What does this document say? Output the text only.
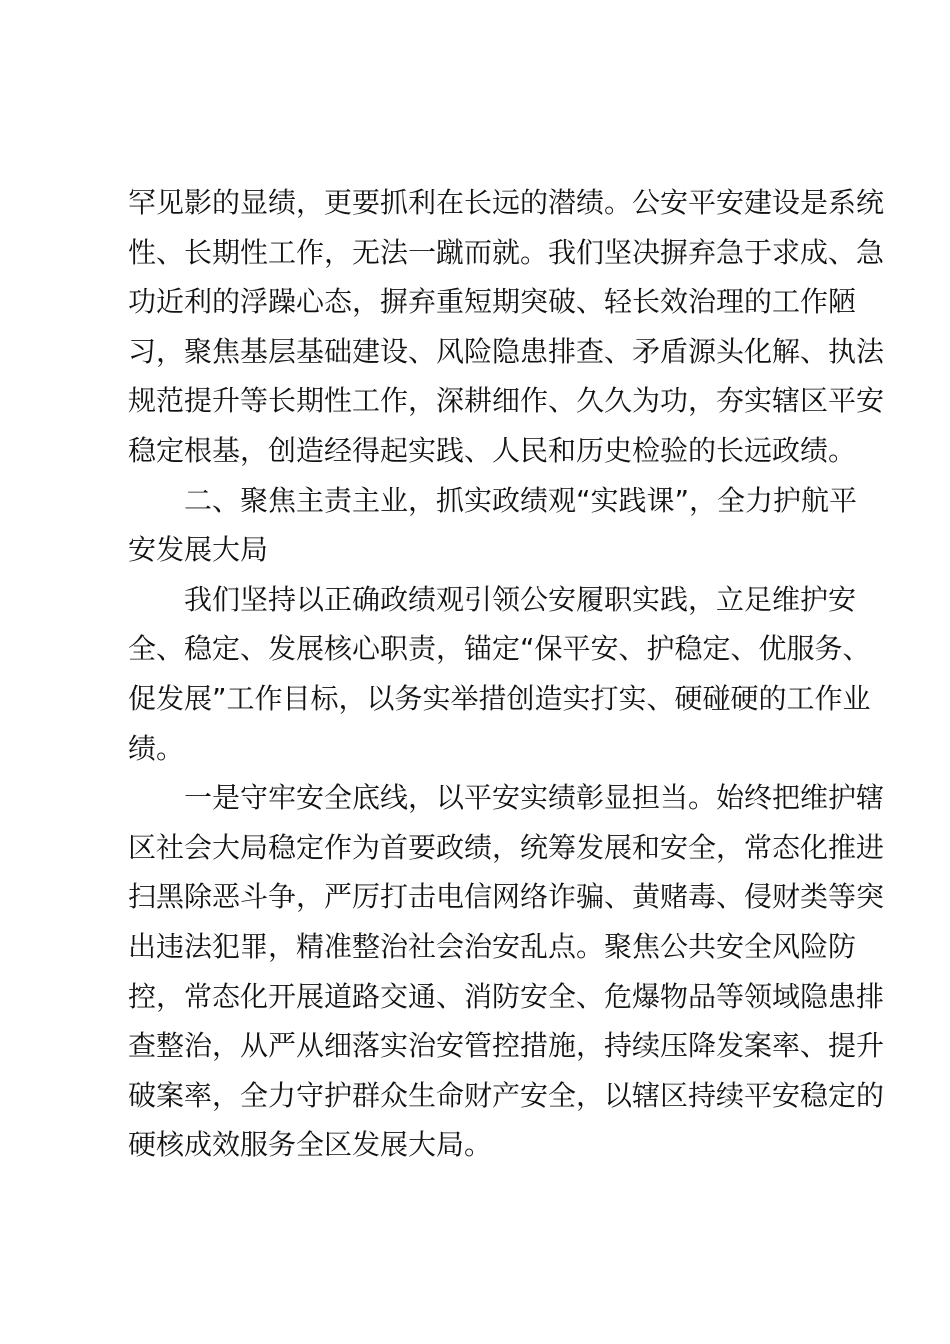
罕见影的显绩，更要抓利在长远的潜绩。公安平安建设是系统
性、长期性工作，无法一蹴而就。我们坚决摒弃急于求成、急
功近利的浮躁心态，摒弃重短期突破、轻长效治理的工作陋
习，聚焦基层基础建设、风险隐患排查、矛盾源头化解、执法
规范提升等长期性工作，深耕细作、久久为功，夯实辖区平安
稳定根基，创造经得起实践、人民和历史检验的长远政绩。
二、聚焦主责主业，抓实政绩观“实践课”，全力护航平
安发展大局
我们坚持以正确政绩观引领公安履职实践，立足维护安
全、稳定、发展核心职责，锚定“保平安、护稳定、优服务、
促发展”工作目标，以务实举措创造实打实、硬碰硬的工作业
绩。
一是守牢安全底线，以平安实绩彰显担当。始终把维护辖
区社会大局稳定作为首要政绩，统筹发展和安全，常态化推进
扫黑除恶斗争，严厉打击电信网络诈骗、黄赌毒、侵财类等突
出违法犯罪，精准整治社会治安乱点。聚焦公共安全风险防
控，常态化开展道路交通、消防安全、危爆物品等领域隐患排
查整治，从严从细落实治安管控措施，持续压降发案率、提升
破案率，全力守护群众生命财产安全，以辖区持续平安稳定的
硬核成效服务全区发展大局。
